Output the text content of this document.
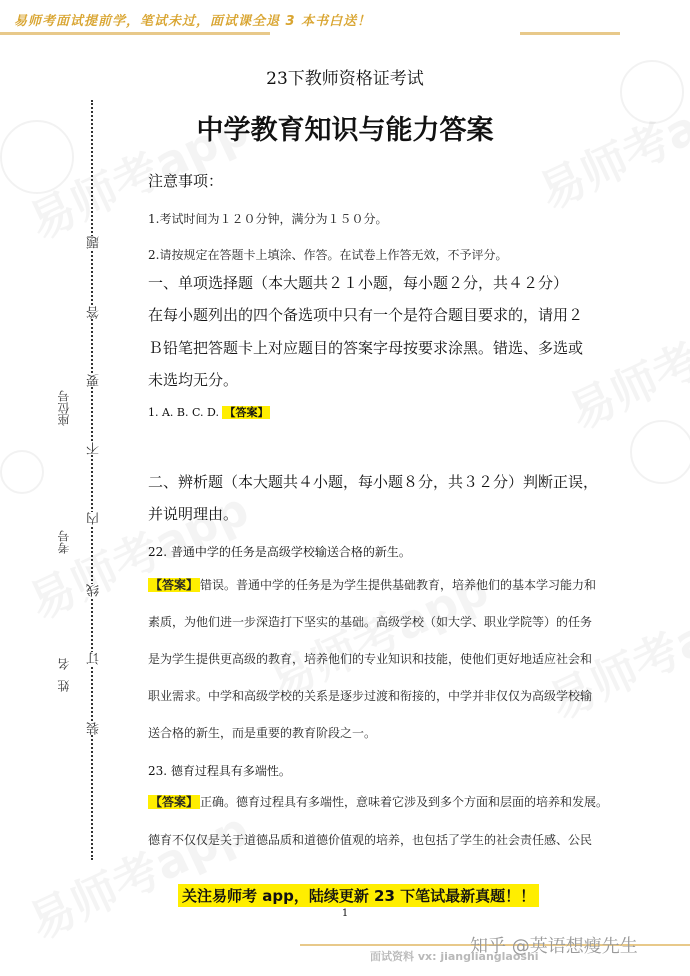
易师考面试提前学，笔试未过，面试课全退 3 本书白送！
23下教师资格证考试
中学教育知识与能力答案
题
答
要
不
内
线
订
装
座位号
考号
姓名
注意事项：
1.考试时间为１２０分钟，满分为１５０分。
2.请按规定在答题卡上填涂、作答。在试卷上作答无效，不予评分。
一、单项选择题（本大题共２１小题，每小题２分，共４２分）
在每小题列出的四个备选项中只有一个是符合题目要求的，请用２
Ｂ铅笔把答题卡上对应题目的答案字母按要求涂黑。错选、多选或
未选均无分。
1. A. B. C. D. 【答案】
二、辨析题（本大题共４小题，每小题８分，共３２分）判断正误，
并说明理由。
22. 普通中学的任务是高级学校输送合格的新生。
【答案】 错误。普通中学的任务是为学生提供基础教育，培养他们的基本学习能力和
素质，为他们进一步深造打下坚实的基础。高级学校（如大学、职业学院等）的任务
是为学生提供更高级的教育，培养他们的专业知识和技能，使他们更好地适应社会和
职业需求。中学和高级学校的关系是逐步过渡和衔接的，中学并非仅仅为高级学校输
送合格的新生，而是重要的教育阶段之一。
23. 德育过程具有多端性。
【答案】 正确。德育过程具有多端性，意味着它涉及到多个方面和层面的培养和发展。
德育不仅仅是关于道德品质和道德价值观的培养，也包括了学生的社会责任感、公民
关注易师考 app，陆续更新 23 下笔试最新真题！！
1
知乎 @英语想瘦先生
面试资料 vx: jianglianglaoshi
